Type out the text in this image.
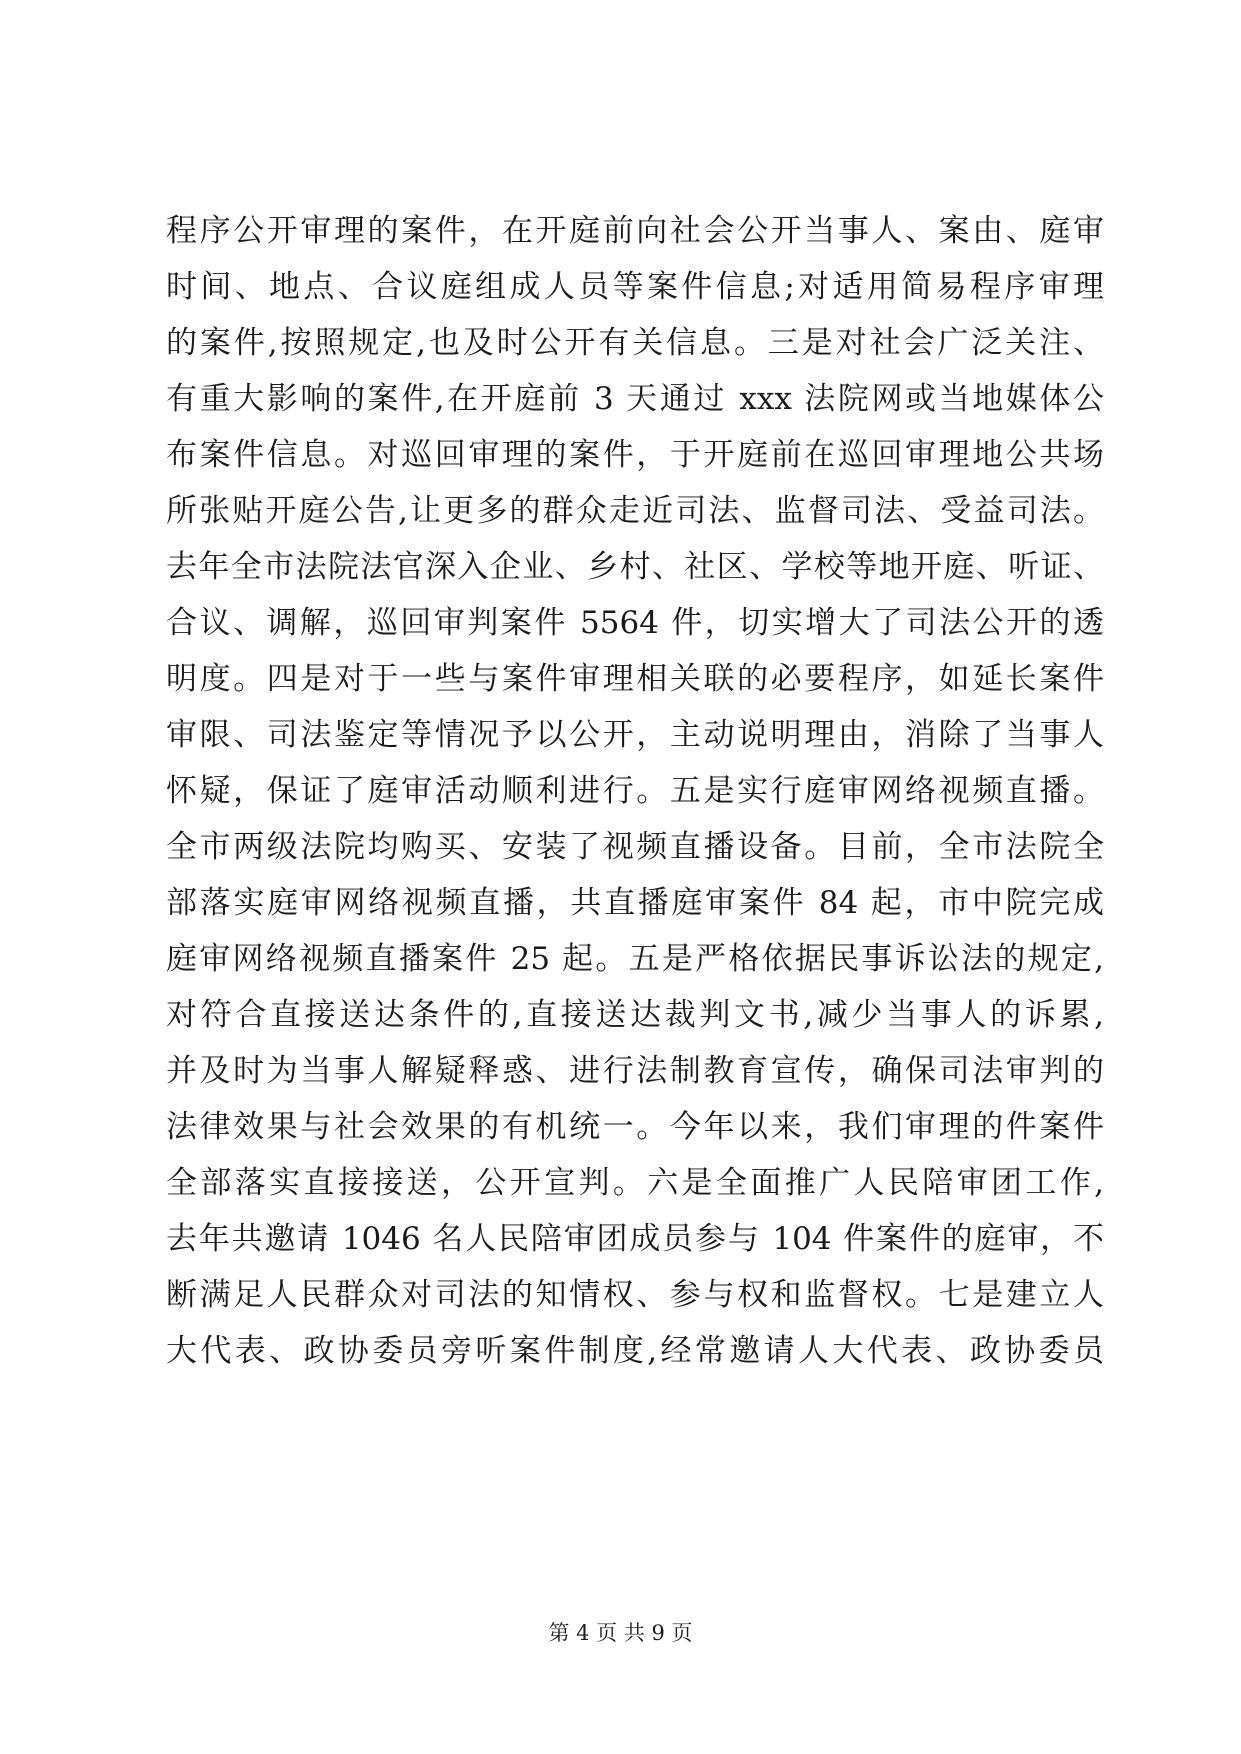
程序公开审理的案件，在开庭前向社会公开当事人、案由、庭审
时间、地点、合议庭组成人员等案件信息;对适用简易程序审理
的案件,按照规定,也及时公开有关信息。三是对社会广泛关注、
有重大影响的案件,在开庭前 3 天通过 xxx 法院网或当地媒体公
布案件信息。对巡回审理的案件，于开庭前在巡回审理地公共场
所张贴开庭公告,让更多的群众走近司法、监督司法、受益司法。
去年全市法院法官深入企业、乡村、社区、学校等地开庭、听证、
合议、调解，巡回审判案件 5564 件，切实增大了司法公开的透
明度。四是对于一些与案件审理相关联的必要程序，如延长案件
审限、司法鉴定等情况予以公开，主动说明理由，消除了当事人
怀疑，保证了庭审活动顺利进行。五是实行庭审网络视频直播。
全市两级法院均购买、安装了视频直播设备。目前，全市法院全
部落实庭审网络视频直播，共直播庭审案件 84 起，市中院完成
庭审网络视频直播案件 25 起。五是严格依据民事诉讼法的规定,
对符合直接送达条件的,直接送达裁判文书,减少当事人的诉累,
并及时为当事人解疑释惑、进行法制教育宣传，确保司法审判的
法律效果与社会效果的有机统一。今年以来，我们审理的件案件
全部落实直接接送，公开宣判。六是全面推广人民陪审团工作,
去年共邀请 1046 名人民陪审团成员参与 104 件案件的庭审，不
断满足人民群众对司法的知情权、参与权和监督权。七是建立人
大代表、政协委员旁听案件制度,经常邀请人大代表、政协委员
第 4 页 共 9 页
